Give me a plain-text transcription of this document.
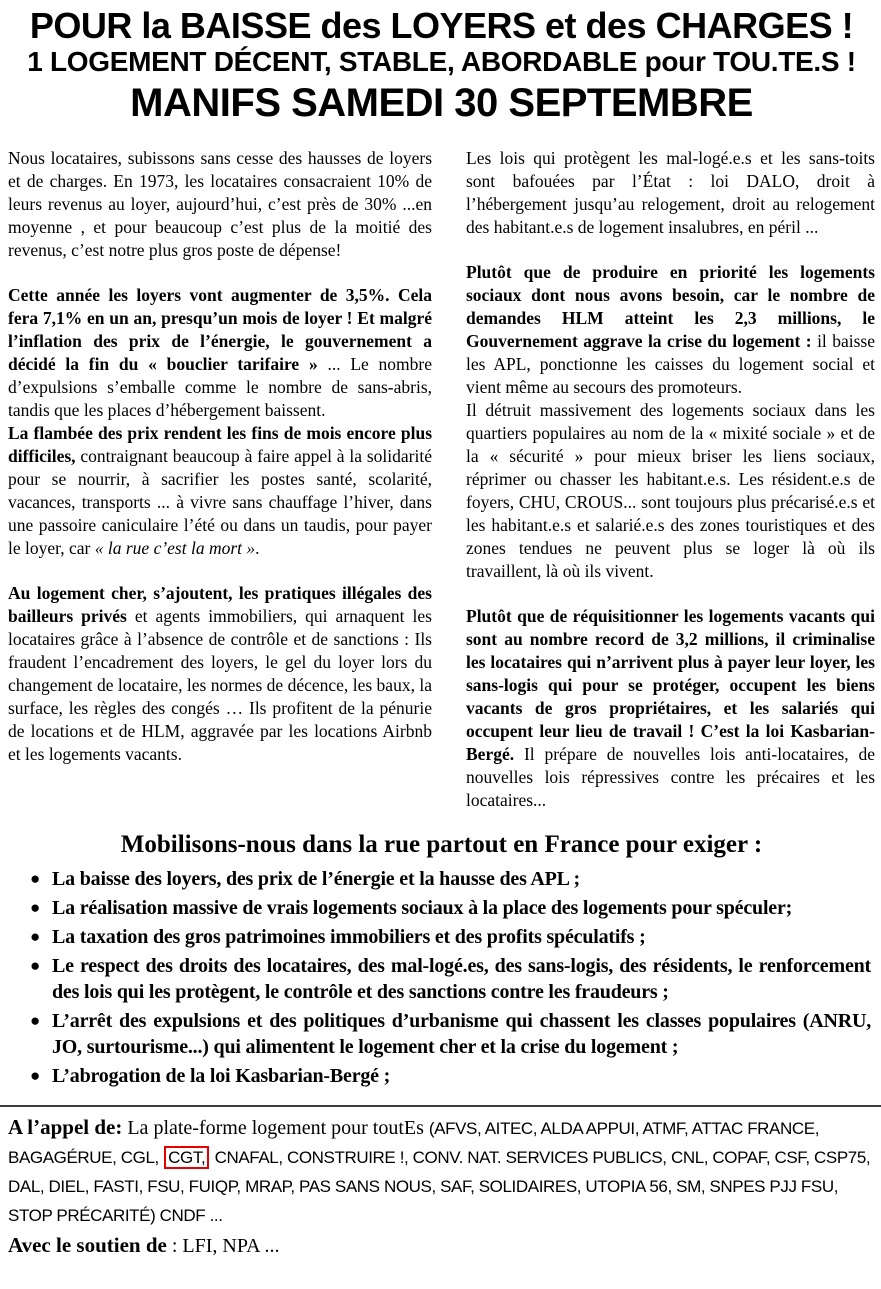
POUR la BAISSE des LOYERS et des CHARGES !
1 LOGEMENT DÉCENT, STABLE, ABORDABLE pour TOU.TE.S !
MANIFS SAMEDI 30 SEPTEMBRE

Nous locataires, subissons sans cesse des hausses de loyers et de charges. En 1973, les locataires consacraient 10% de leurs revenus au loyer, aujourd’hui, c’est près de 30% ...en moyenne , et pour beaucoup c’est plus de la moitié des revenus, c’est notre plus gros poste de dépense!

Cette année les loyers vont augmenter de 3,5%. Cela fera 7,1% en un an, presqu’un mois de loyer ! Et malgré l’inflation des prix de l’énergie, le gouvernement a décidé la fin du « bouclier tarifaire » ... Le nombre d’expulsions s’emballe comme le nombre de sans-abris, tandis que les places d’hébergement baissent.

La flambée des prix rendent les fins de mois encore plus difficiles, contraignant beaucoup à faire appel à la solidarité pour se nourrir, à sacrifier les postes santé, scolarité, vacances, transports ... à vivre sans chauffage l’hiver, dans une passoire caniculaire l’été ou dans un taudis, pour payer le loyer, car « la rue c’est la mort ».

Au logement cher, s’ajoutent, les pratiques illégales des bailleurs privés et agents immobiliers, qui arnaquent les locataires grâce à l’absence de contrôle et de sanctions : Ils fraudent l’encadrement des loyers, le gel du loyer lors du changement de locataire, les normes de décence, les baux, la surface, les règles des congés … Ils profitent de la pénurie de locations et de HLM, aggravée par les locations Airbnb et les logements vacants.

Les lois qui protègent les mal-logé.e.s et les sans-toits sont bafouées par l’État : loi DALO, droit à l’hébergement jusqu’au relogement, droit au relogement des habitant.e.s de logement insalubres, en péril ...

Plutôt que de produire en priorité les logements sociaux dont nous avons besoin, car le nombre de demandes HLM atteint les 2,3 millions, le Gouvernement aggrave la crise du logement : il baisse les APL, ponctionne les caisses du logement social et vient même au secours des promoteurs.

Il détruit massivement des logements sociaux dans les quartiers populaires au nom de la « mixité sociale » et de la « sécurité » pour mieux briser les liens sociaux, réprimer ou chasser les habitant.e.s. Les résident.e.s de foyers, CHU, CROUS... sont toujours plus précarisé.e.s et les habitant.e.s et salarié.e.s des zones touristiques et des zones tendues ne peuvent plus se loger là où ils travaillent, là où ils vivent.

Plutôt que de réquisitionner les logements vacants qui sont au nombre record de 3,2 millions, il criminalise les locataires qui n’arrivent plus à payer leur loyer, les sans-logis qui pour se protéger, occupent les biens vacants de gros propriétaires, et les salariés qui occupent leur lieu de travail ! C’est la loi Kasbarian-Bergé. Il prépare de nouvelles lois anti-locataires, de nouvelles lois répressives contre les précaires et les locataires...

Mobilisons-nous dans la rue partout en France pour exiger :

● La baisse des loyers, des prix de l’énergie et la hausse des APL ;
● La réalisation massive de vrais logements sociaux à la place des logements pour spéculer;
● La taxation des gros patrimoines immobiliers et des profits spéculatifs ;
● Le respect des droits des locataires, des mal-logé.es, des sans-logis, des résidents, le renforcement des lois qui les protègent, le contrôle et des sanctions contre les fraudeurs ;
● L’arrêt des expulsions et des politiques d’urbanisme qui chassent les classes populaires (ANRU, JO, surtourisme...) qui alimentent le logement cher et la crise du logement ;
● L’abrogation de la loi Kasbarian-Bergé ;

A l’appel de: La plate-forme logement pour toutEs (AFVS, AITEC, ALDA APPUI, ATMF, ATTAC FRANCE, BAGAGÉRUE, CGL, CGT, CNAFAL, CONSTRUIRE !, CONV. NAT. SERVICES PUBLICS, CNL, COPAF, CSF, CSP75, DAL, DIEL, FASTI, FSU, FUIQP, MRAP, PAS SANS NOUS, SAF, SOLIDAIRES, UTOPIA 56, SM, SNPES PJJ FSU, STOP PRÉCARITÉ) CNDF ...

Avec le soutien de : LFI, NPA ...
